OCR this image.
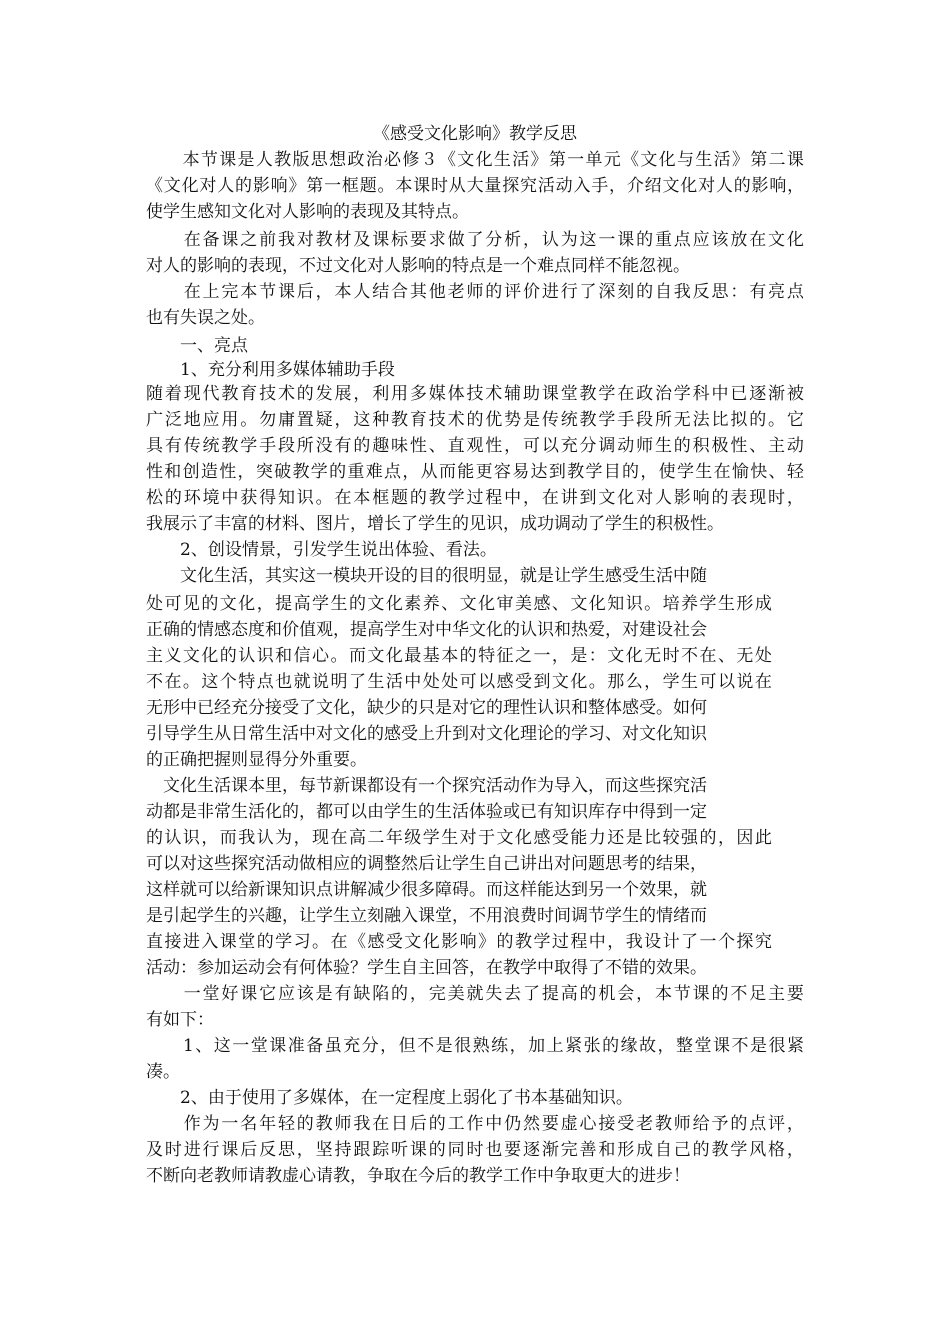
《感受文化影响》教学反思
　　本节课是人教版思想政治必修３《文化生活》第一单元《文化与生活》第二课
《文化对人的影响》第一框题。本课时从大量探究活动入手，介绍文化对人的影响，
使学生感知文化对人影响的表现及其特点。
　　在备课之前我对教材及课标要求做了分析，认为这一课的重点应该放在文化
对人的影响的表现，不过文化对人影响的特点是一个难点同样不能忽视。
　　在上完本节课后，本人结合其他老师的评价进行了深刻的自我反思：有亮点
也有失误之处。
　　一、亮点
　　1、充分利用多媒体辅助手段
随着现代教育技术的发展，利用多媒体技术辅助课堂教学在政治学科中已逐渐被
广泛地应用。勿庸置疑，这种教育技术的优势是传统教学手段所无法比拟的。它
具有传统教学手段所没有的趣味性、直观性，可以充分调动师生的积极性、主动
性和创造性，突破教学的重难点，从而能更容易达到教学目的，使学生在愉快、轻
松的环境中获得知识。在本框题的教学过程中，在讲到文化对人影响的表现时，
我展示了丰富的材料、图片，增长了学生的见识，成功调动了学生的积极性。
　　2、创设情景，引发学生说出体验、看法。
　　文化生活，其实这一模块开设的目的很明显，就是让学生感受生活中随
处可见的文化，提高学生的文化素养、文化审美感、文化知识。培养学生形成
正确的情感态度和价值观，提高学生对中华文化的认识和热爱，对建设社会
主义文化的认识和信心。而文化最基本的特征之一，是：文化无时不在、无处
不在。这个特点也就说明了生活中处处可以感受到文化。那么，学生可以说在
无形中已经充分接受了文化，缺少的只是对它的理性认识和整体感受。如何
引导学生从日常生活中对文化的感受上升到对文化理论的学习、对文化知识
的正确把握则显得分外重要。
　文化生活课本里，每节新课都设有一个探究活动作为导入，而这些探究活
动都是非常生活化的，都可以由学生的生活体验或已有知识库存中得到一定
的认识，而我认为，现在高二年级学生对于文化感受能力还是比较强的，因此
可以对这些探究活动做相应的调整然后让学生自己讲出对问题思考的结果，
这样就可以给新课知识点讲解减少很多障碍。而这样能达到另一个效果，就
是引起学生的兴趣，让学生立刻融入课堂，不用浪费时间调节学生的情绪而
直接进入课堂的学习。在《感受文化影响》的教学过程中，我设计了一个探究
活动：参加运动会有何体验？学生自主回答，在教学中取得了不错的效果。
　　一堂好课它应该是有缺陷的，完美就失去了提高的机会，本节课的不足主要
有如下：
　　1、这一堂课准备虽充分，但不是很熟练，加上紧张的缘故，整堂课不是很紧
凑。
　　2、由于使用了多媒体，在一定程度上弱化了书本基础知识。
　　作为一名年轻的教师我在日后的工作中仍然要虚心接受老教师给予的点评，
及时进行课后反思，坚持跟踪听课的同时也要逐渐完善和形成自己的教学风格，
不断向老教师请教虚心请教，争取在今后的教学工作中争取更大的进步！
